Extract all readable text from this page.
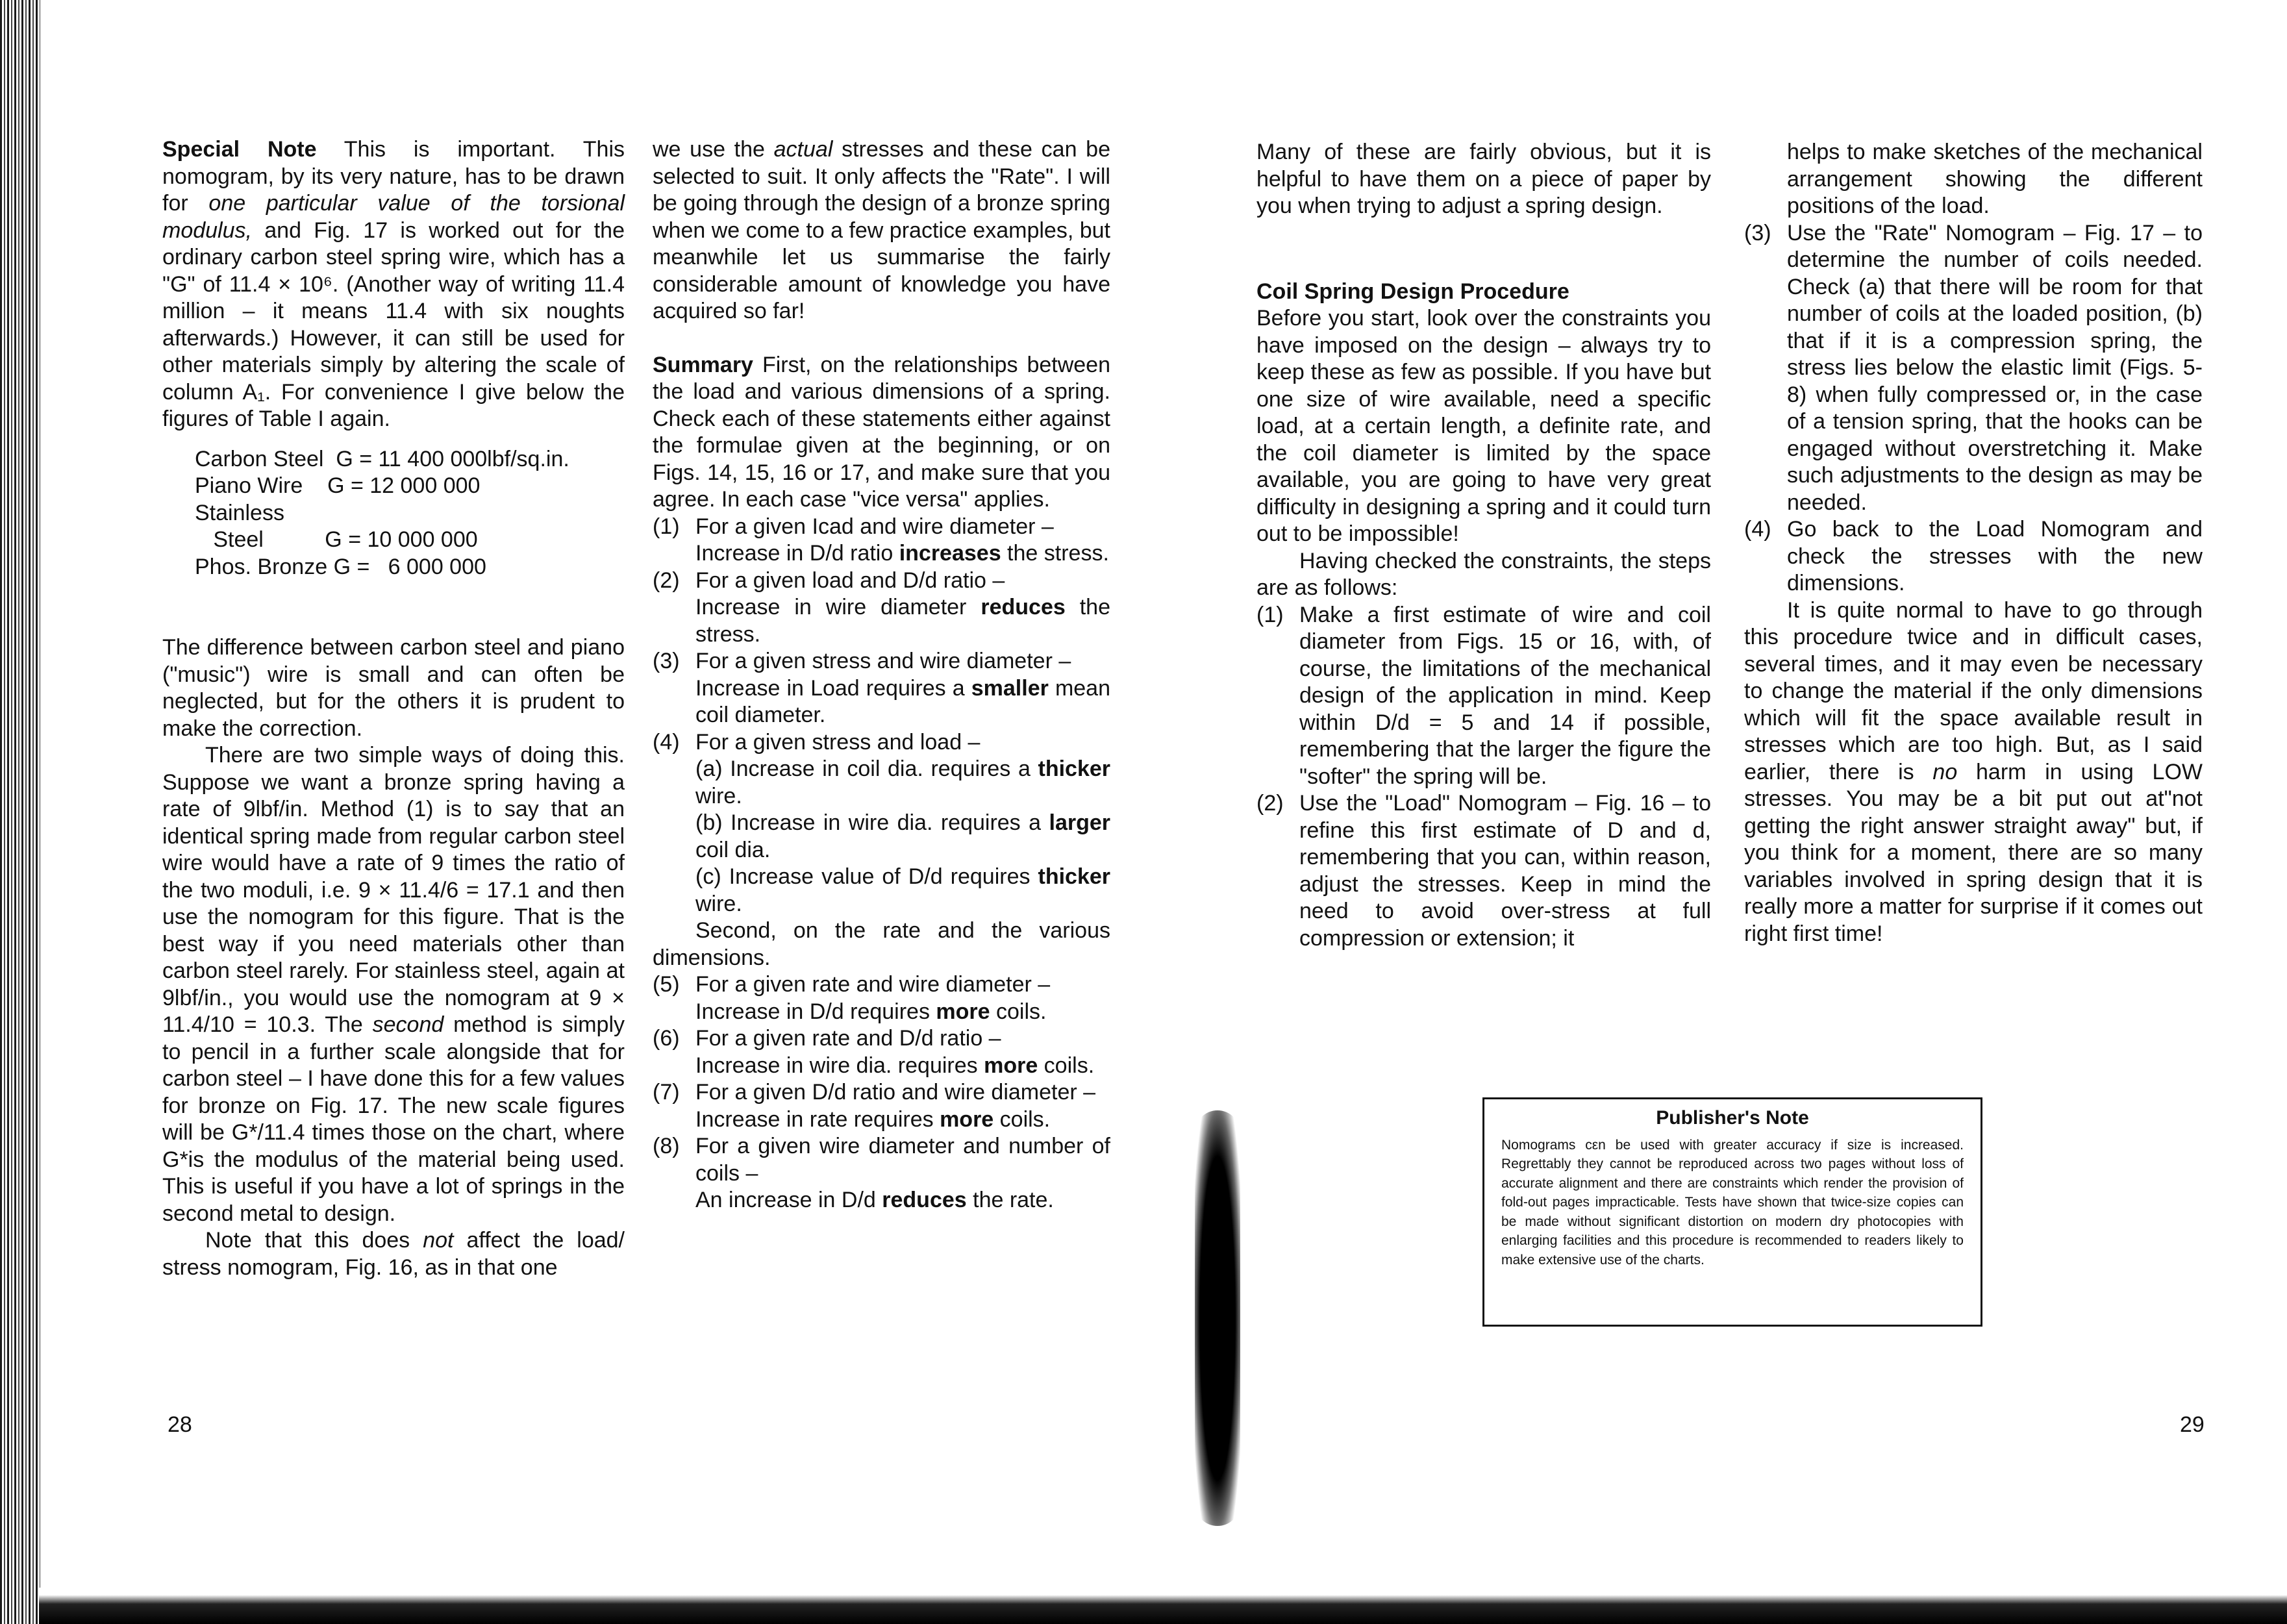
Special Note This is important. This nomogram, by its very nature, has to be drawn for one particular value of the torsional modulus, and Fig. 17 is worked out for the ordinary carbon steel spring wire, which has a "G" of 11.4 × 10⁶. (Another way of writing 11.4 million – it means 11.4 with six noughts afterwards.) However, it can still be used for other materials simply by altering the scale of column A₁. For convenience I give below the figures of Table I again.

Carbon Steel  G = 11 400 000lbf/sq.in.
Piano Wire    G = 12 000 000
Stainless
Steel          G = 10 000 000
Phos. Bronze G =   6 000 000

The difference between carbon steel and piano ("music") wire is small and can often be neglected, but for the others it is prudent to make the correction.

There are two simple ways of doing this. Suppose we want a bronze spring having a rate of 9lbf/in. Method (1) is to say that an identical spring made from regular carbon steel wire would have a rate of 9 times the ratio of the two moduli, i.e. 9 × 11.4/6 = 17.1 and then use the nomogram for this figure. That is the best way if you need materials other than carbon steel rarely. For stainless steel, again at 9lbf/in., you would use the nomogram at 9 × 11.4/10 = 10.3. The second method is simply to pencil in a further scale alongside that for carbon steel – I have done this for a few values for bronze on Fig. 17. The new scale figures will be G*/11.4 times those on the chart, where G*is the modulus of the material being used. This is useful if you have a lot of springs in the second metal to design.

Note that this does not affect the load/ stress nomogram, Fig. 16, as in that one

we use the actual stresses and these can be selected to suit. It only affects the "Rate". I will be going through the design of a bronze spring when we come to a few practice examples, but meanwhile let us summarise the fairly considerable amount of knowledge you have acquired so far!

Summary First, on the relationships between the load and various dimensions of a spring. Check each of these statements either against the formulae given at the beginning, or on Figs. 14, 15, 16 or 17, and make sure that you agree. In each case "vice versa" applies.

(1) For a given Icad and wire diameter –
Increase in D/d ratio increases the stress.
(2) For a given load and D/d ratio –
Increase in wire diameter reduces the stress.
(3) For a given stress and wire diameter –
Increase in Load requires a smaller mean coil diameter.
(4) For a given stress and load –
(a) Increase in coil dia. requires a thicker wire.
(b) Increase in wire dia. requires a larger coil dia.
(c) Increase value of D/d requires thicker wire.

Second, on the rate and the various dimensions.

(5) For a given rate and wire diameter –
Increase in D/d requires more coils.
(6) For a given rate and D/d ratio –
Increase in wire dia. requires more coils.
(7) For a given D/d ratio and wire diameter –
Increase in rate requires more coils.
(8) For a given wire diameter and number of coils –
An increase in D/d reduces the rate.
28

Many of these are fairly obvious, but it is helpful to have them on a piece of paper by you when trying to adjust a spring design.

Coil Spring Design Procedure

Before you start, look over the constraints you have imposed on the design – always try to keep these as few as possible. If you have but one size of wire available, need a specific load, at a certain length, a definite rate, and the coil diameter is limited by the space available, you are going to have very great difficulty in designing a spring and it could turn out to be impossible!

Having checked the constraints, the steps are as follows:

(1) Make a first estimate of wire and coil diameter from Figs. 15 or 16, with, of course, the limitations of the mechanical design of the application in mind. Keep within D/d = 5 and 14 if possible, remembering that the larger the figure the "softer" the spring will be.
(2) Use the "Load" Nomogram – Fig. 16 – to refine this first estimate of D and d, remembering that you can, within reason, adjust the stresses. Keep in mind the need to avoid over-stress at full compression or extension; it
helps to make sketches of the mechanical arrangement showing the different positions of the load.
(3) Use the "Rate" Nomogram – Fig. 17 – to determine the number of coils needed. Check (a) that there will be room for that number of coils at the loaded position, (b) that if it is a compression spring, the stress lies below the elastic limit (Figs. 5-8) when fully compressed or, in the case of a tension spring, that the hooks can be engaged without overstretching it. Make such adjustments to the design as may be needed.
(4) Go back to the Load Nomogram and check the stresses with the new dimensions.

It is quite normal to have to go through this procedure twice and in difficult cases, several times, and it may even be necessary to change the material if the only dimensions which will fit the space available result in stresses which are too high. But, as I said earlier, there is no harm in using LOW stresses. You may be a bit put out at"not getting the right answer straight away" but, if you think for a moment, there are so many variables involved in spring design that it is really more a matter for surprise if it comes out right first time!

Publisher's Note
Nomograms cεn be used with greater accuracy if size is increased. Regrettably they cannot be reproduced across two pages without loss of accurate alignment and there are constraints which render the provision of fold-out pages impracticable. Tests have shown that twice-size copies can be made without significant distortion on modern dry photocopies with enlarging facilities and this procedure is recommended to readers likely to make extensive use of the charts.
29
